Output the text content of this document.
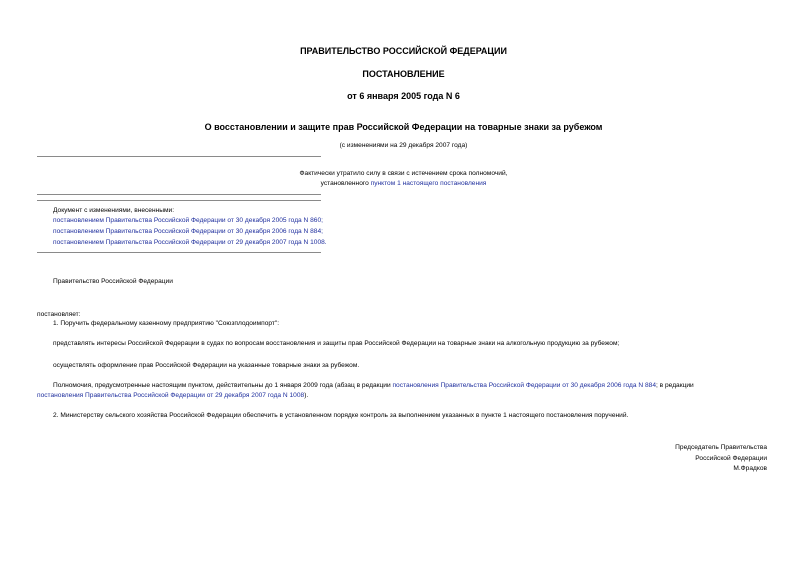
ПРАВИТЕЛЬСТВО РОССИЙСКОЙ ФЕДЕРАЦИИ
ПОСТАНОВЛЕНИЕ
от 6 января 2005 года N 6
О восстановлении и защите прав Российской Федерации на товарные знаки за рубежом
(с изменениями на 29 декабря 2007 года)
Фактически утратило силу в связи с истечением срока полномочий,
установленного пунктом 1 настоящего постановления
Документ с изменениями, внесенными:
постановлением Правительства Российской Федерации от 30 декабря 2005 года N 860;
постановлением Правительства Российской Федерации от 30 декабря 2006 года N 884;
постановлением Правительства Российской Федерации от 29 декабря 2007 года N 1008.
Правительство Российской Федерации
постановляет:
1. Поручить федеральному казенному предприятию "Союзплодоимпорт":
представлять интересы Российской Федерации в судах по вопросам восстановления и защиты прав Российской Федерации на товарные знаки на алкогольную продукцию за рубежом;
осуществлять оформление прав Российской Федерации на указанные товарные знаки за рубежом.
Полномочия, предусмотренные настоящим пунктом, действительны до 1 января 2009 года (абзац в редакции постановления Правительства Российской Федерации от 30 декабря 2006 года N 884; в редакции
постановления Правительства Российской Федерации от 29 декабря 2007 года N 1008).
2. Министерству сельского хозяйства Российской Федерации обеспечить в установленном порядке контроль за выполнением указанных в пункте 1 настоящего постановления поручений.
Председатель Правительства
Российской Федерации
М.Фрадков
